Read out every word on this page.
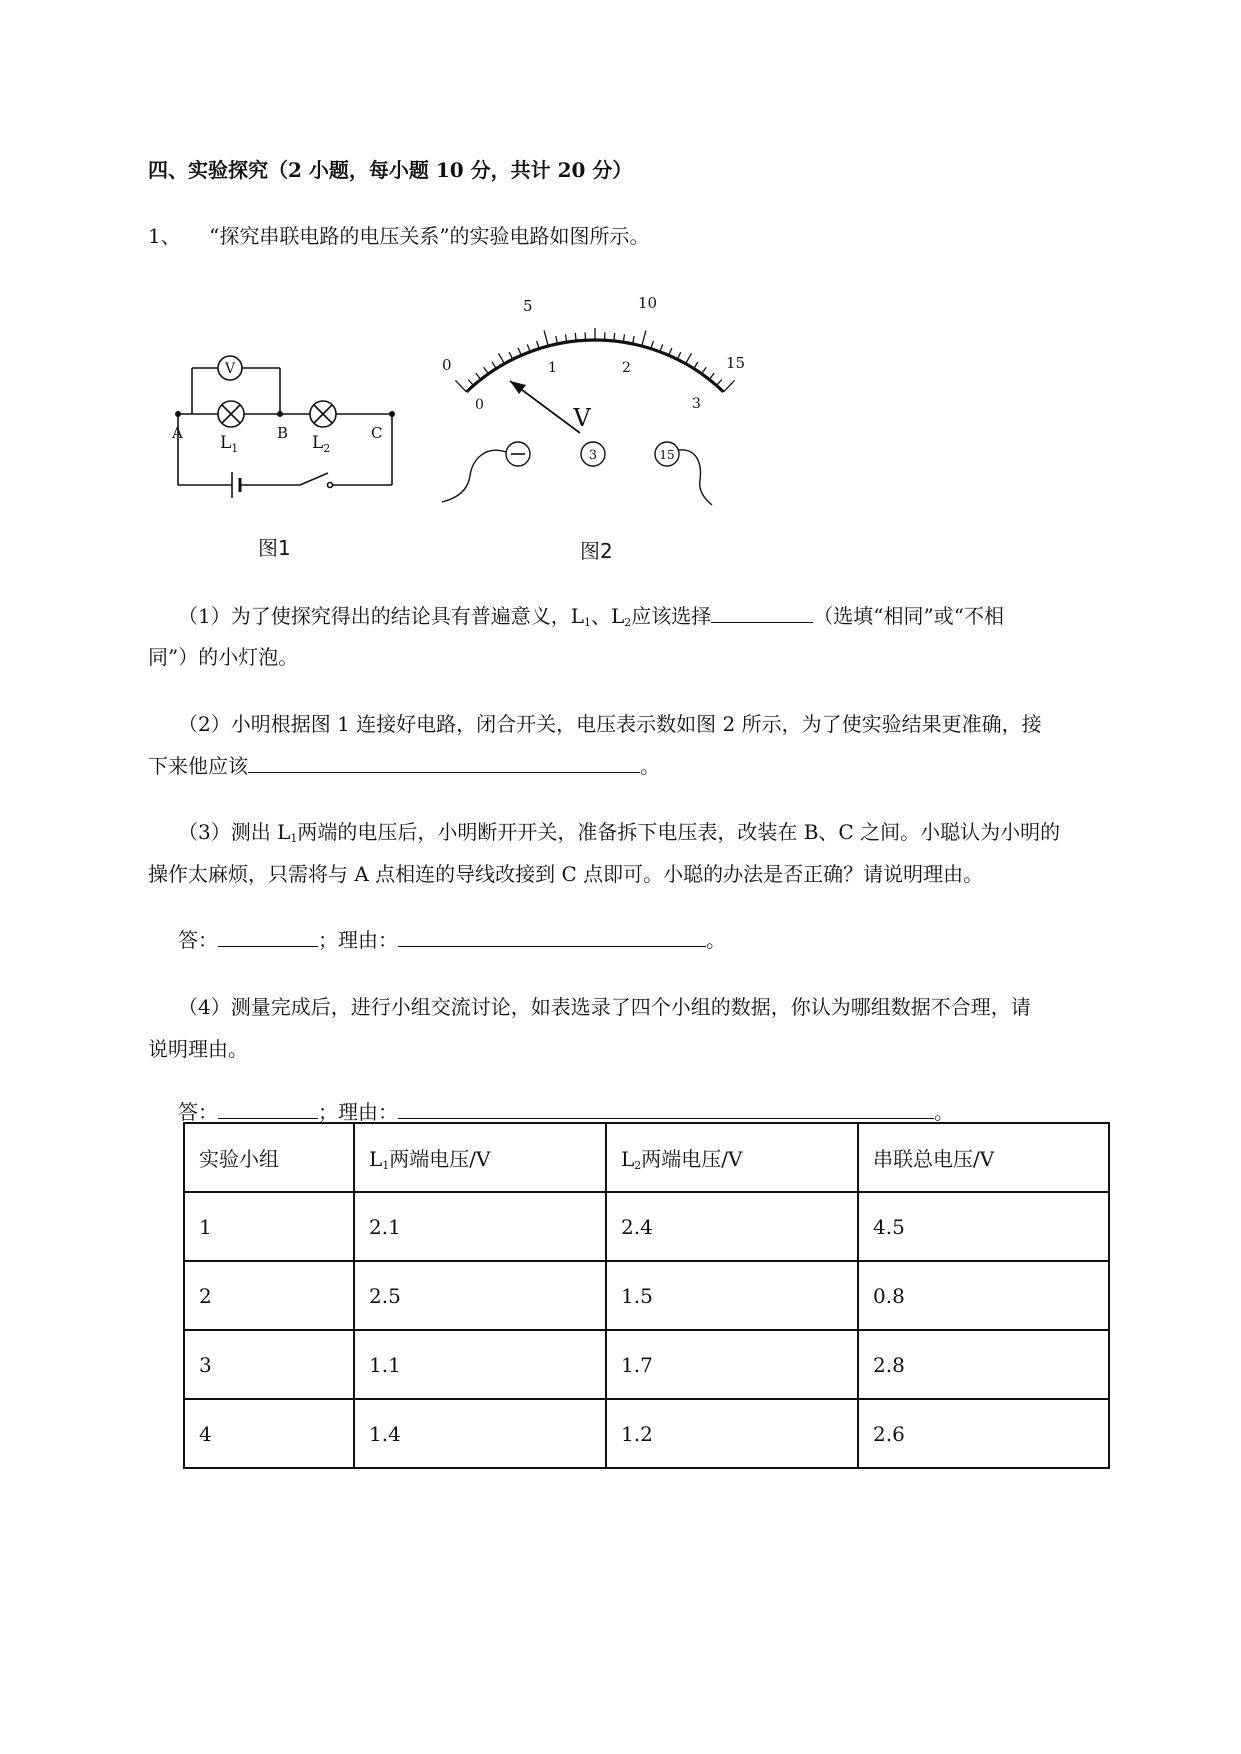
四、实验探究（2 小题，每小题 10 分，共计 20 分）
1、 “探究串联电路的电压关系”的实验电路如图所示。
V
A	B	C
$L_1$	$L_2$
图1
0
5	10
15
0
1	2
3
V
3	15
图2
（1）为了使探究得出的结论具有普遍意义，$L_1$、$L_2$应该选择	（选填“相同”或“不相
同”）的小灯泡。
（2）小明根据图 1 连接好电路，闭合开关，电压表示数如图 2 所示，为了使实验结果更准确，接
下来他应该	。
（3）测出 $L_1$两端的电压后，小明断开开关，准备拆下电压表，改装在 B、C 之间。小聪认为小明的
操作太麻烦，只需将与 A 点相连的导线改接到 C 点即可。小聪的办法是否正确？请说明理由。
答：	；理由：	。
（4）测量完成后，进行小组交流讨论，如表选录了四个小组的数据，你认为哪组数据不合理，请
说明理由。
答：	；理由：	。
实验小组	$L_1$两端电压/V	$L_2$两端电压/V	串联总电压/V
1	2.1	2.4	4.5
2	2.5	1.5	0.8
3	1.1	1.7	2.8
4	1.4	1.2	2.6
